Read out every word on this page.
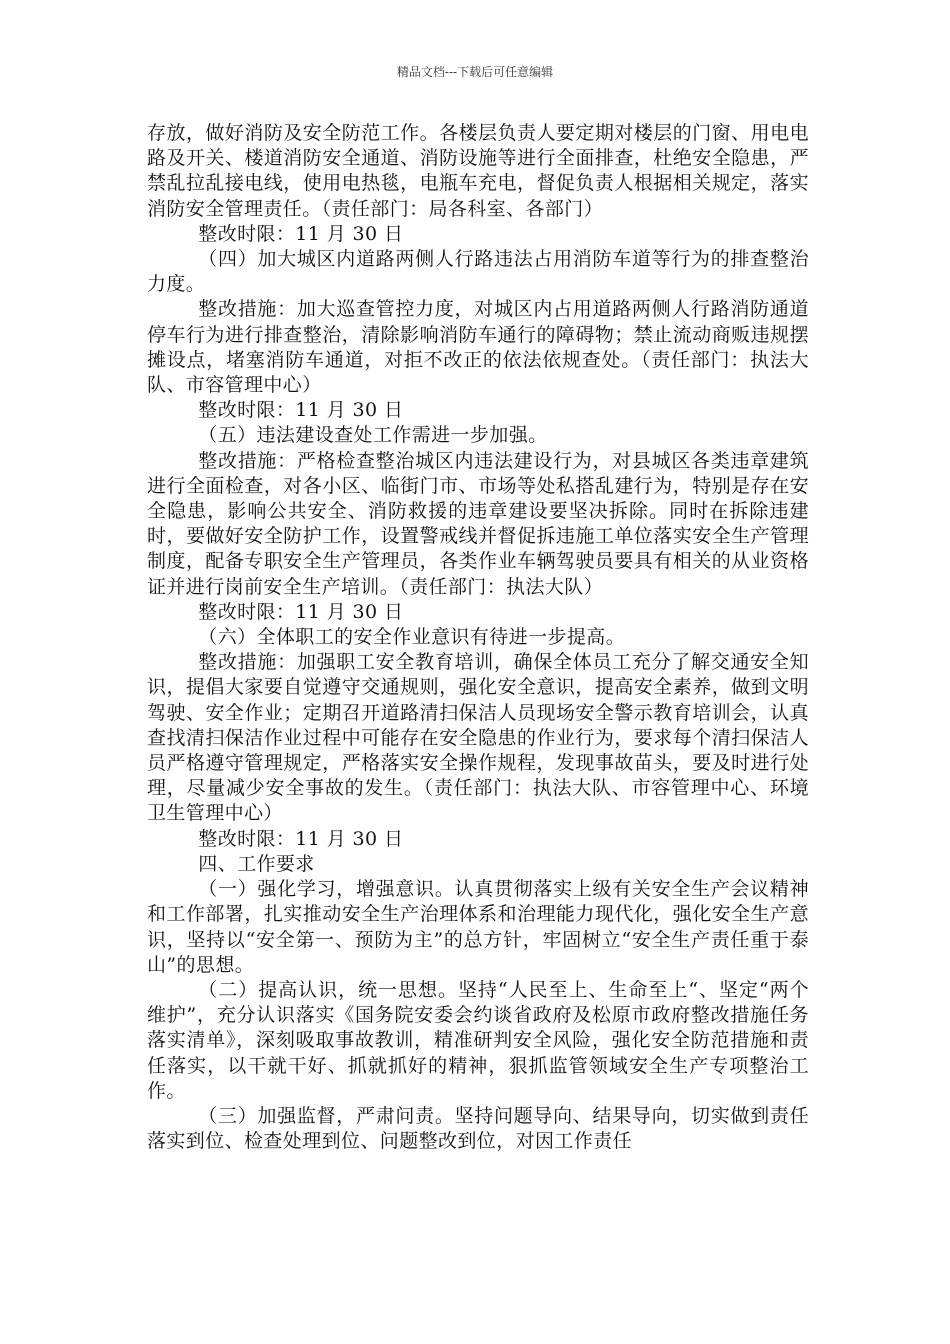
精品文档---下载后可任意编辑

存放，做好消防及安全防范工作。各楼层负责人要定期对楼层的门窗、用电电路及开关、楼道消防安全通道、消防设施等进行全面排查，杜绝安全隐患，严禁乱拉乱接电线，使用电热毯，电瓶车充电，督促负责人根据相关规定，落实消防安全管理责任。（责任部门：局各科室、各部门）

整改时限：11 月 30 日

（四）加大城区内道路两侧人行路违法占用消防车道等行为的排查整治力度。

整改措施：加大巡查管控力度，对城区内占用道路两侧人行路消防通道停车行为进行排查整治，清除影响消防车通行的障碍物；禁止流动商贩违规摆摊设点，堵塞消防车通道，对拒不改正的依法依规查处。（责任部门：执法大队、市容管理中心）

整改时限：11 月 30 日

（五）违法建设查处工作需进一步加强。

整改措施：严格检查整治城区内违法建设行为，对县城区各类违章建筑进行全面检查，对各小区、临街门市、市场等处私搭乱建行为，特别是存在安全隐患，影响公共安全、消防救援的违章建设要坚决拆除。同时在拆除违建时，要做好安全防护工作，设置警戒线并督促拆违施工单位落实安全生产管理制度，配备专职安全生产管理员，各类作业车辆驾驶员要具有相关的从业资格证并进行岗前安全生产培训。（责任部门：执法大队）

整改时限：11 月 30 日

（六）全体职工的安全作业意识有待进一步提高。

整改措施：加强职工安全教育培训，确保全体员工充分了解交通安全知识，提倡大家要自觉遵守交通规则，强化安全意识，提高安全素养，做到文明驾驶、安全作业；定期召开道路清扫保洁人员现场安全警示教育培训会，认真查找清扫保洁作业过程中可能存在安全隐患的作业行为，要求每个清扫保洁人员严格遵守管理规定，严格落实安全操作规程，发现事故苗头，要及时进行处理，尽量减少安全事故的发生。（责任部门：执法大队、市容管理中心、环境卫生管理中心）

整改时限：11 月 30 日

四、工作要求

（一）强化学习，增强意识。认真贯彻落实上级有关安全生产会议精神和工作部署，扎实推动安全生产治理体系和治理能力现代化，强化安全生产意识，坚持以“安全第一、预防为主”的总方针，牢固树立“安全生产责任重于泰山”的思想。

（二）提高认识，统一思想。坚持“人民至上、生命至上“、坚定“两个维护”，充分认识落实《国务院安委会约谈省政府及松原市政府整改措施任务落实清单》，深刻吸取事故教训，精准研判安全风险，强化安全防范措施和责任落实，以干就干好、抓就抓好的精神，狠抓监管领域安全生产专项整治工作。

（三）加强监督，严肃问责。坚持问题导向、结果导向，切实做到责任落实到位、检查处理到位、问题整改到位，对因工作责任
